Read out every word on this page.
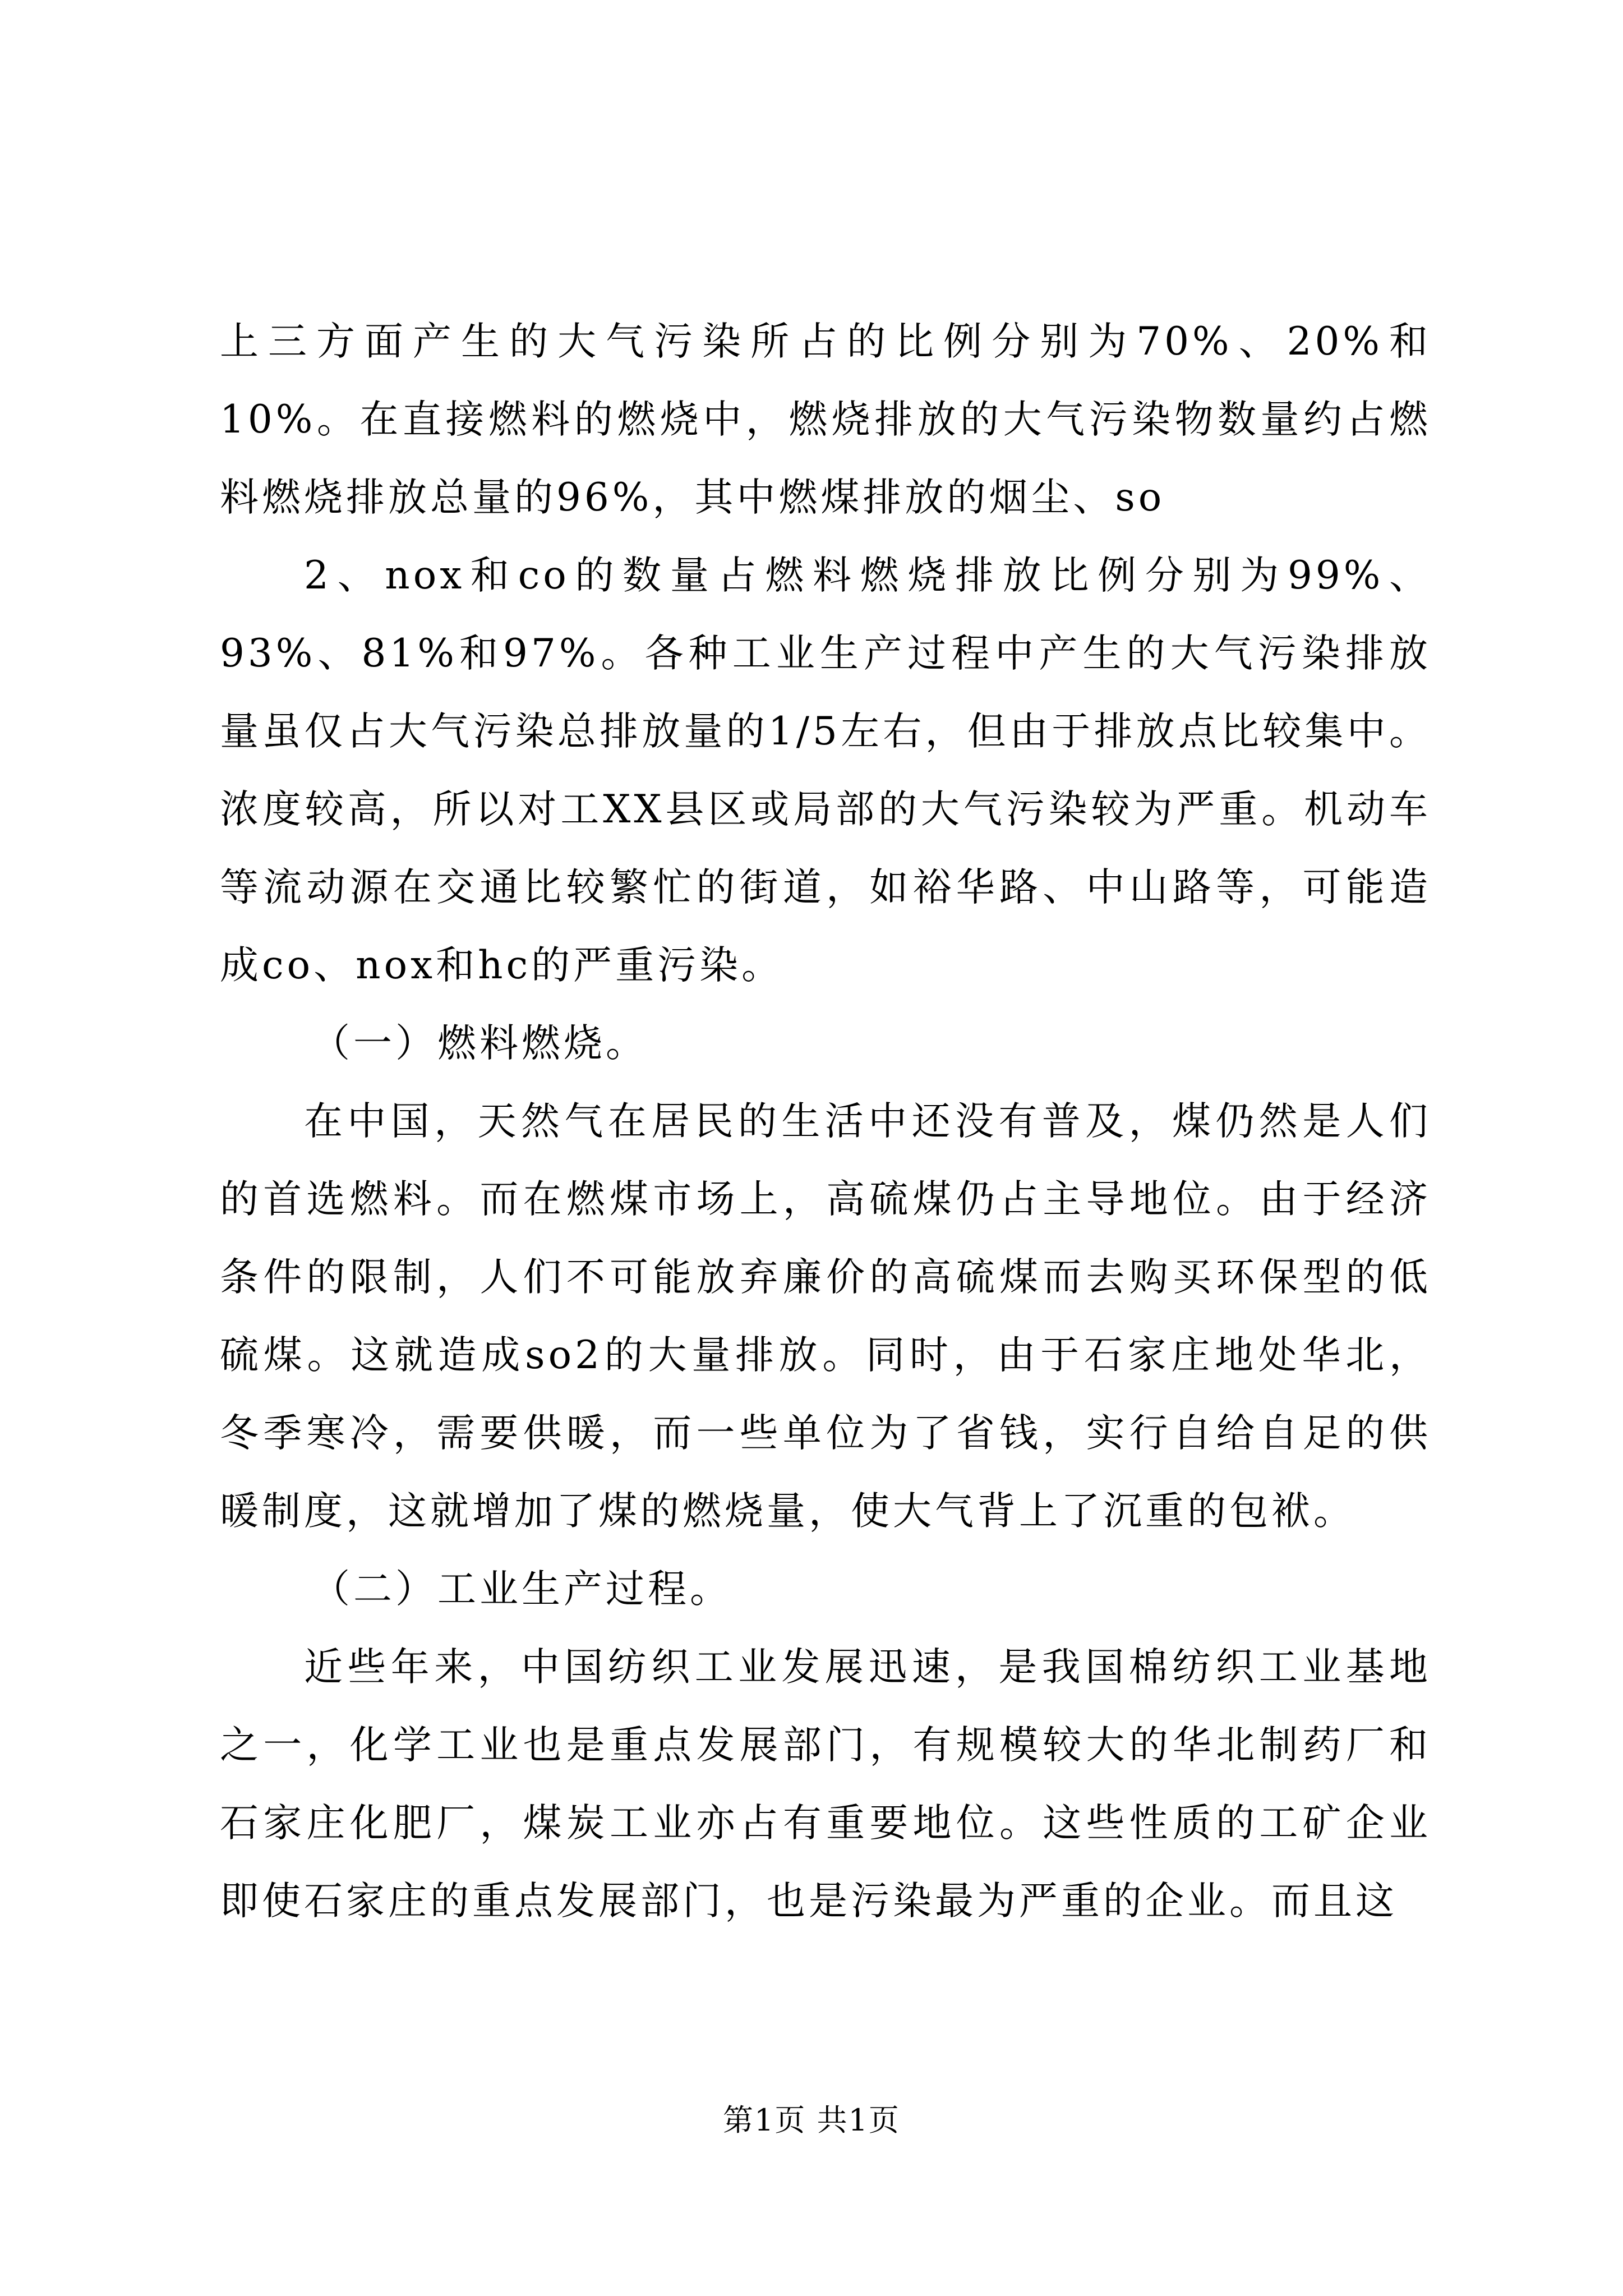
上三方面产生的大气污染所占的比例分别为70%、20%和10%。在直接燃料的燃烧中，燃烧排放的大气污染物数量约占燃料燃烧排放总量的96%，其中燃煤排放的烟尘、so

2、nox和co的数量占燃料燃烧排放比例分别为99%、93%、81%和97%。各种工业生产过程中产生的大气污染排放量虽仅占大气污染总排放量的1/5左右，但由于排放点比较集中。浓度较高，所以对工XX县区或局部的大气污染较为严重。机动车等流动源在交通比较繁忙的街道，如裕华路、中山路等，可能造成co、nox和hc的严重污染。

（一）燃料燃烧。

在中国，天然气在居民的生活中还没有普及，煤仍然是人们的首选燃料。而在燃煤市场上，高硫煤仍占主导地位。由于经济条件的限制，人们不可能放弃廉价的高硫煤而去购买环保型的低硫煤。这就造成so2的大量排放。同时，由于石家庄地处华北，冬季寒冷，需要供暖，而一些单位为了省钱，实行自给自足的供暖制度，这就增加了煤的燃烧量，使大气背上了沉重的包袱。

（二）工业生产过程。

近些年来，中国纺织工业发展迅速，是我国棉纺织工业基地之一，化学工业也是重点发展部门，有规模较大的华北制药厂和石家庄化肥厂，煤炭工业亦占有重要地位。这些性质的工矿企业即使石家庄的重点发展部门，也是污染最为严重的企业。而且这

第1页 共1页
